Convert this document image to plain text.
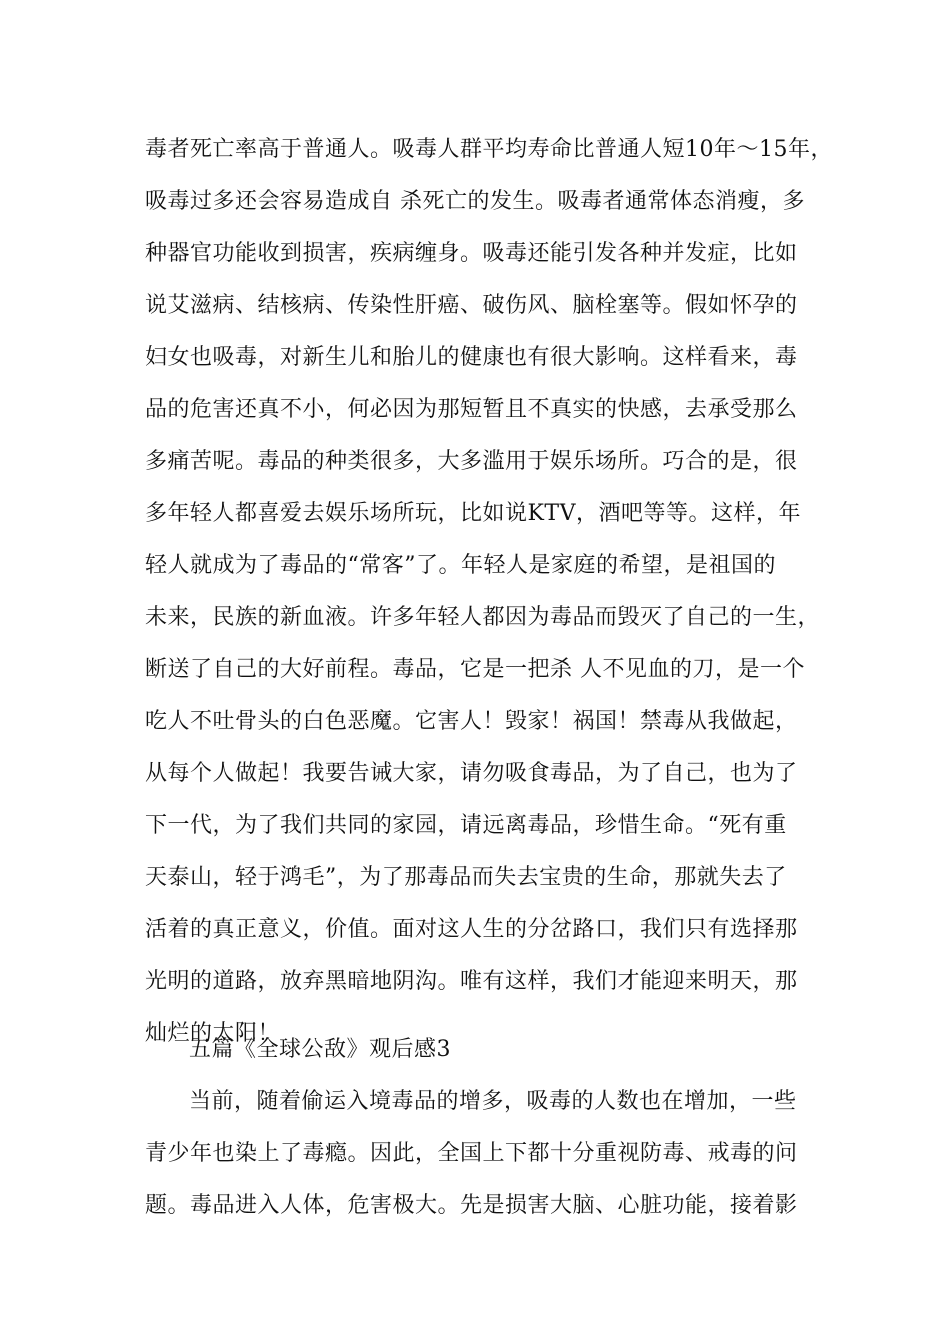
毒者死亡率高于普通人。吸毒人群平均寿命比普通人短10年～15年，
吸毒过多还会容易造成自 杀死亡的发生。吸毒者通常体态消瘦，多
种器官功能收到损害，疾病缠身。吸毒还能引发各种并发症，比如
说艾滋病、结核病、传染性肝癌、破伤风、脑栓塞等。假如怀孕的
妇女也吸毒，对新生儿和胎儿的健康也有很大影响。这样看来，毒
品的危害还真不小，何必因为那短暂且不真实的快感，去承受那么
多痛苦呢。毒品的种类很多，大多滥用于娱乐场所。巧合的是，很
多年轻人都喜爱去娱乐场所玩，比如说KTV，酒吧等等。这样，年
轻人就成为了毒品的“常客”了。年轻人是家庭的希望，是祖国的
未来，民族的新血液。许多年轻人都因为毒品而毁灭了自己的一生，
断送了自己的大好前程。毒品，它是一把杀 人不见血的刀，是一个
吃人不吐骨头的白色恶魔。它害人！毁家！祸国！禁毒从我做起，
从每个人做起！我要告诫大家，请勿吸食毒品，为了自己，也为了
下一代，为了我们共同的家园，请远离毒品，珍惜生命。“死有重
天泰山，轻于鸿毛”，为了那毒品而失去宝贵的生命，那就失去了
活着的真正意义，价值。面对这人生的分岔路口，我们只有选择那
光明的道路，放弃黑暗地阴沟。唯有这样，我们才能迎来明天，那
灿烂的太阳！
五篇《全球公敌》观后感3
当前，随着偷运入境毒品的增多，吸毒的人数也在增加，一些
青少年也染上了毒瘾。因此，全国上下都十分重视防毒、戒毒的问
题。毒品进入人体，危害极大。先是损害大脑、心脏功能，接着影
